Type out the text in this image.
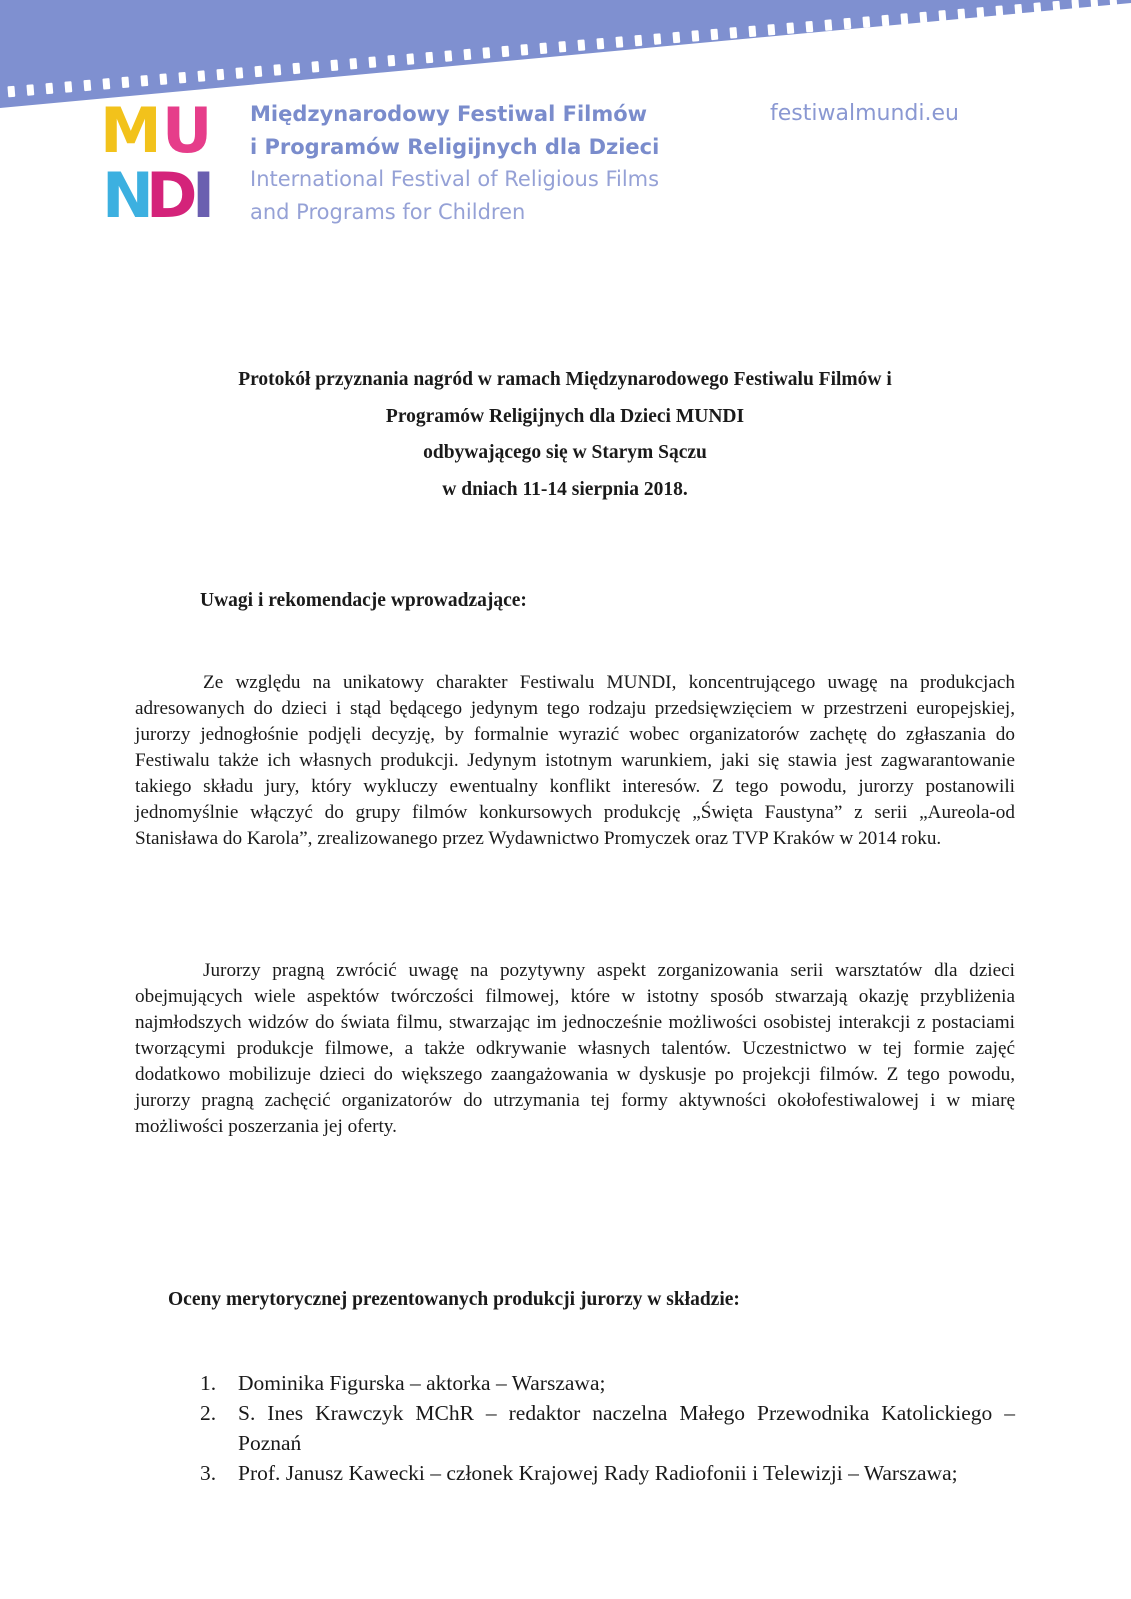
M U
N
D
I
Międzynarodowy Festiwal Filmów
i Programów Religijnych dla Dzieci
International Festival of Religious Films
and Programs for Children
festiwalmundi.eu
Protokół przyznania nagród w ramach Międzynarodowego Festiwalu Filmów i
Programów Religijnych dla Dzieci MUNDI
odbywającego się w Starym Sączu
w dniach 11-14 sierpnia 2018.
Uwagi i rekomendacje wprowadzające:

Ze względu na unikatowy charakter Festiwalu MUNDI, koncentrującego uwagę na produkcjach adresowanych do dzieci i stąd będącego jedynym tego rodzaju przedsięwzięciem w przestrzeni europejskiej, jurorzy jednogłośnie podjęli decyzję, by formalnie wyrazić wobec organizatorów zachętę do zgłaszania do Festiwalu także ich własnych produkcji. Jedynym istotnym warunkiem, jaki się stawia jest zagwarantowanie takiego składu jury, który wykluczy ewentualny konflikt interesów. Z tego powodu, jurorzy postanowili jednomyślnie włączyć do grupy filmów konkursowych produkcję „Święta Faustyna” z serii „Aureola-od Stanisława do Karola”, zrealizowanego przez Wydawnictwo Promyczek oraz TVP Kraków w 2014 roku.

Jurorzy pragną zwrócić uwagę na pozytywny aspekt zorganizowania serii warsztatów dla dzieci obejmujących wiele aspektów twórczości filmowej, które w istotny sposób stwarzają okazję przybliżenia najmłodszych widzów do świata filmu, stwarzając im jednocześnie możliwości osobistej interakcji z postaciami tworzącymi produkcje filmowe, a także odkrywanie własnych talentów. Uczestnictwo w tej formie zajęć dodatkowo mobilizuje dzieci do większego zaangażowania w dyskusje po projekcji filmów. Z tego powodu, jurorzy pragną zachęcić organizatorów do utrzymania tej formy aktywności okołofestiwalowej i w miarę możliwości poszerzania jej oferty.

Oceny merytorycznej prezentowanych produkcji jurorzy w składzie:
1. Dominika Figurska – aktorka – Warszawa;
2. S. Ines Krawczyk MChR – redaktor naczelna Małego Przewodnika Katolickiego – Poznań
3. Prof. Janusz Kawecki – członek Krajowej Rady Radiofonii i Telewizji – Warszawa;
